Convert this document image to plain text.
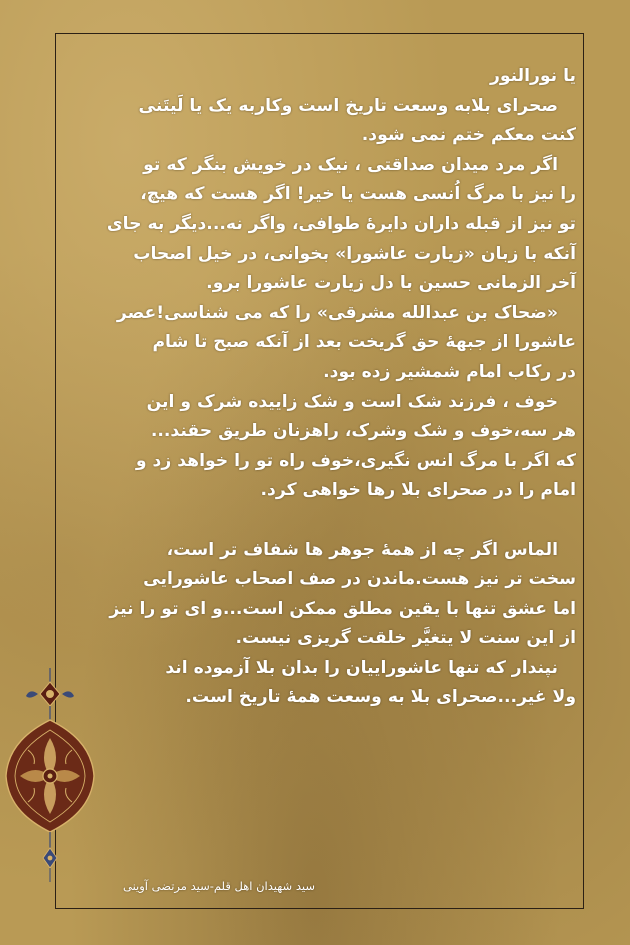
یا نورالنور
صحرای بلابه وسعت تاریخ است وکاربه یک یا لَیتَنی
کنت معکم ختم نمی شود.
اگر مرد میدان صداقتی ، نیک در خویش بنگر که تو
را نیز با مرگ اُنسی هست یا خیر! اگر هست که هیچ،
تو نیز از قبله داران دایرهٔ طوافی، واگر نه...دیگر به جای
آنکه با زبان «زیارت عاشورا» بخوانی، در خیل اصحاب
آخر الزمانی حسین با دل زیارت عاشورا برو.
«ضحاک بن عبدالله مشرقی» را که می شناسی!عصر
عاشورا از جبههٔ حق گریخت بعد از آنکه صبح تا شام
در رکاب امام شمشیر زده بود.
خوف ، فرزند شک است و شک زاییده شرک و این
هر سه،خوف و شک وشرک، راهزنان طریق حقند...
که اگر با مرگ انس نگیری،خوف راه تو را خواهد زد و
امام را در صحرای بلا رها خواهی کرد.
الماس اگر چه از همهٔ جوهر ها شفاف تر است،
سخت تر نیز هست.ماندن در صف اصحاب عاشورایی
اما عشق تنها با یقین مطلق ممکن است...و ای تو را نیز
از این سنت لا یتغیَّر خلقت گریزی نیست.
نپندار که تنها عاشوراییان را بدان بلا آزموده اند
ولا غیر...صحرای بلا به وسعت همهٔ تاریخ است.
سید شهیدان اهل قلم-سید مرتضی آوینی
